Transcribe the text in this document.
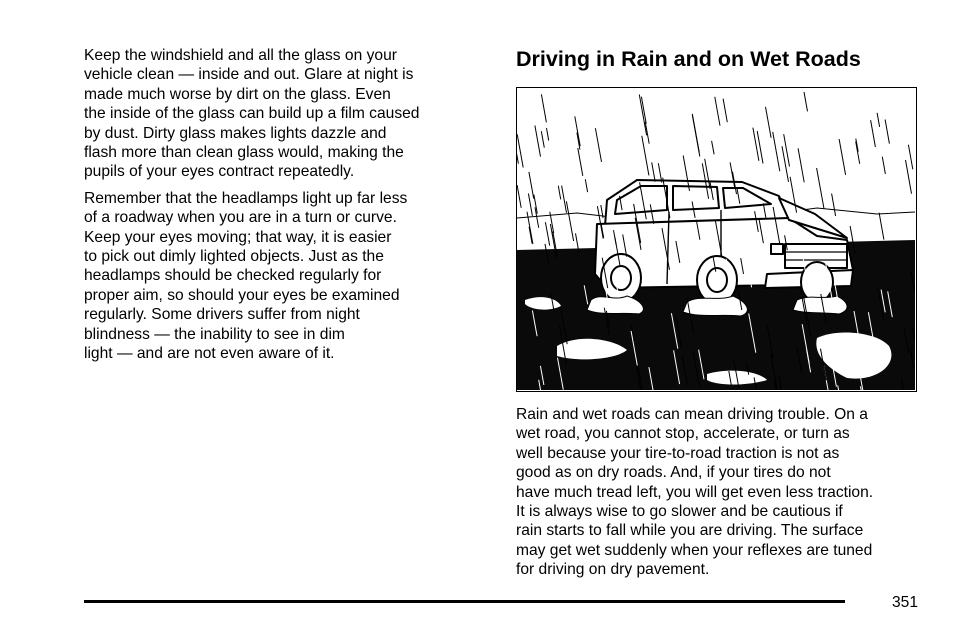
Keep the windshield and all the glass on your
vehicle clean — inside and out. Glare at night is
made much worse by dirt on the glass. Even
the inside of the glass can build up a film caused
by dust. Dirty glass makes lights dazzle and
flash more than clean glass would, making the
pupils of your eyes contract repeatedly.

Remember that the headlamps light up far less
of a roadway when you are in a turn or curve.
Keep your eyes moving; that way, it is easier
to pick out dimly lighted objects. Just as the
headlamps should be checked regularly for
proper aim, so should your eyes be examined
regularly. Some drivers suffer from night
blindness — the inability to see in dim
light — and are not even aware of it.

Driving in Rain and on Wet Roads

Rain and wet roads can mean driving trouble. On a
wet road, you cannot stop, accelerate, or turn as
well because your tire-to-road traction is not as
good as on dry roads. And, if your tires do not
have much tread left, you will get even less traction.
It is always wise to go slower and be cautious if
rain starts to fall while you are driving. The surface
may get wet suddenly when your reflexes are tuned
for driving on dry pavement.

351
